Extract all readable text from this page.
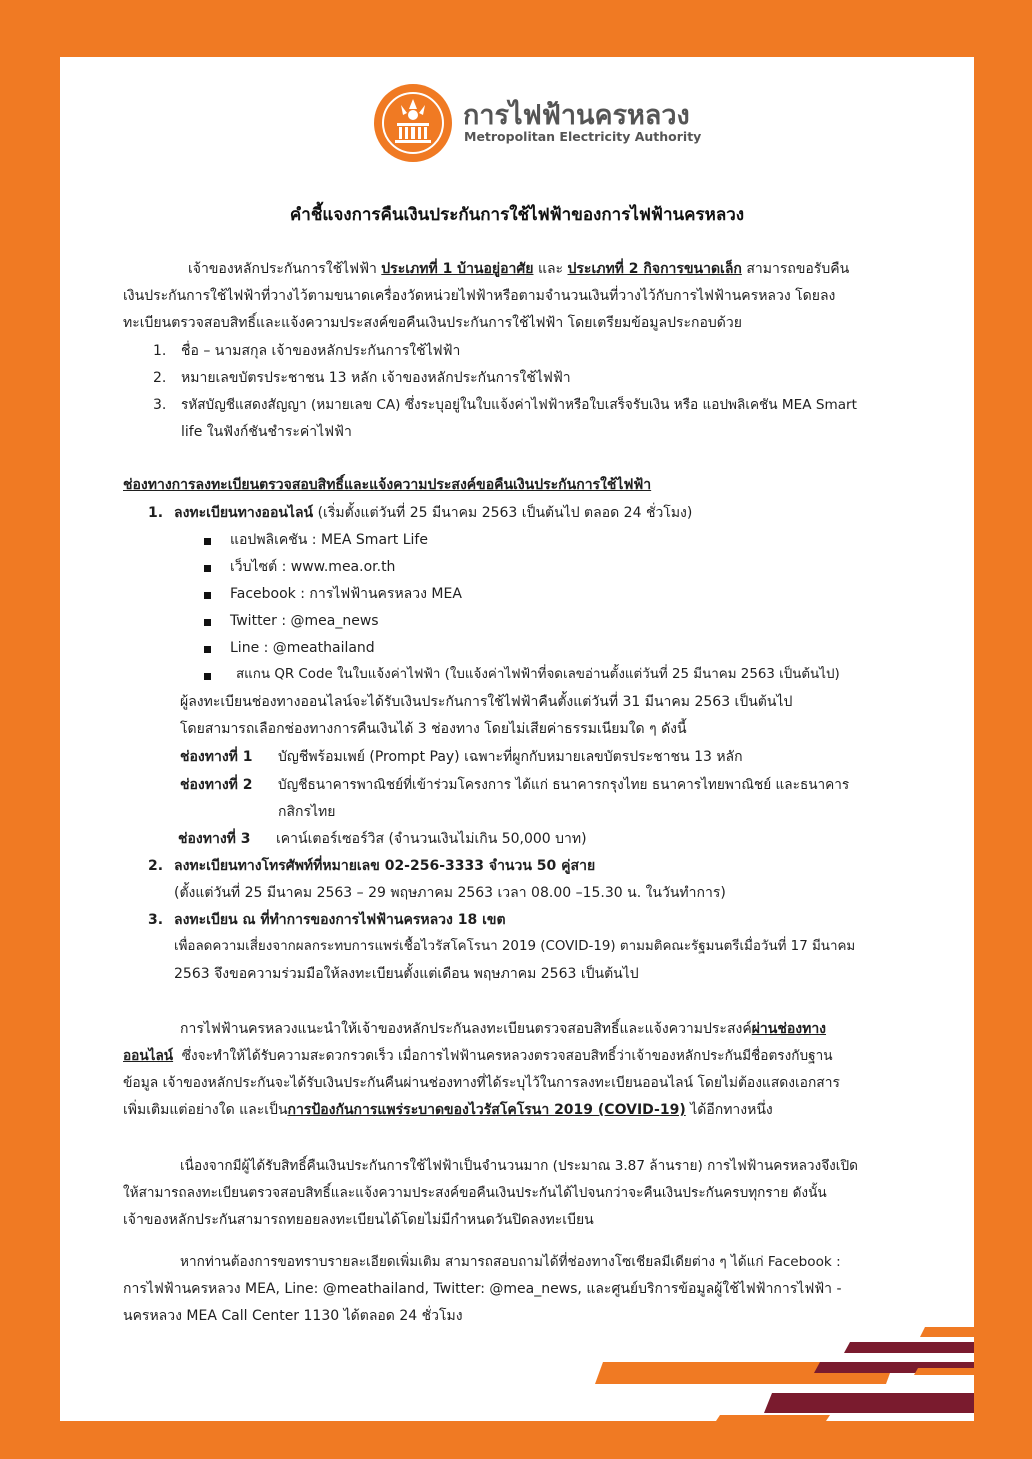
การไฟฟ้านครหลวง
Metropolitan Electricity Authority
คำชี้แจงการคืนเงินประกันการใช้ไฟฟ้าของการไฟฟ้านครหลวง
เจ้าของหลักประกันการใช้ไฟฟ้า ประเภทที่ 1 บ้านอยู่อาศัย และ ประเภทที่ 2 กิจการขนาดเล็ก สามารถขอรับคืน
เงินประกันการใช้ไฟฟ้าที่วางไว้ตามขนาดเครื่องวัดหน่วยไฟฟ้าหรือตามจำนวนเงินที่วางไว้กับการไฟฟ้านครหลวง โดยลง
ทะเบียนตรวจสอบสิทธิ์และแจ้งความประสงค์ขอคืนเงินประกันการใช้ไฟฟ้า โดยเตรียมข้อมูลประกอบด้วย
1. ชื่อ – นามสกุล เจ้าของหลักประกันการใช้ไฟฟ้า
2. หมายเลขบัตรประชาชน 13 หลัก เจ้าของหลักประกันการใช้ไฟฟ้า
3. รหัสบัญชีแสดงสัญญา (หมายเลข CA) ซึ่งระบุอยู่ในใบแจ้งค่าไฟฟ้าหรือใบเสร็จรับเงิน หรือ แอปพลิเคชัน MEA Smart
life ในฟังก์ชันชำระค่าไฟฟ้า
ช่องทางการลงทะเบียนตรวจสอบสิทธิ์และแจ้งความประสงค์ขอคืนเงินประกันการใช้ไฟฟ้า
1. ลงทะเบียนทางออนไลน์ (เริ่มตั้งแต่วันที่ 25 มีนาคม 2563 เป็นต้นไป ตลอด 24 ชั่วโมง)
แอปพลิเคชัน : MEA Smart Life
เว็บไซต์ : www.mea.or.th
Facebook : การไฟฟ้านครหลวง MEA
Twitter : @mea_news
Line : @meathailand
สแกน QR Code ในใบแจ้งค่าไฟฟ้า (ใบแจ้งค่าไฟฟ้าที่จดเลขอ่านตั้งแต่วันที่ 25 มีนาคม 2563 เป็นต้นไป)
ผู้ลงทะเบียนช่องทางออนไลน์จะได้รับเงินประกันการใช้ไฟฟ้าคืนตั้งแต่วันที่ 31 มีนาคม 2563 เป็นต้นไป
โดยสามารถเลือกช่องทางการคืนเงินได้ 3 ช่องทาง โดยไม่เสียค่าธรรมเนียมใด ๆ ดังนี้
ช่องทางที่ 1 บัญชีพร้อมเพย์ (Prompt Pay) เฉพาะที่ผูกกับหมายเลขบัตรประชาชน 13 หลัก
ช่องทางที่ 2 บัญชีธนาคารพาณิชย์ที่เข้าร่วมโครงการ ได้แก่ ธนาคารกรุงไทย ธนาคารไทยพาณิชย์ และธนาคาร
กสิกรไทย
ช่องทางที่ 3 เคาน์เตอร์เซอร์วิส (จำนวนเงินไม่เกิน 50,000 บาท)
2. ลงทะเบียนทางโทรศัพท์ที่หมายเลข 02-256-3333 จำนวน 50 คู่สาย
(ตั้งแต่วันที่ 25 มีนาคม 2563 – 29 พฤษภาคม 2563 เวลา 08.00 –15.30 น. ในวันทำการ)
3. ลงทะเบียน ณ ที่ทำการของการไฟฟ้านครหลวง 18 เขต
เพื่อลดความเสี่ยงจากผลกระทบการแพร่เชื้อไวรัสโคโรนา 2019 (COVID-19) ตามมติคณะรัฐมนตรีเมื่อวันที่ 17 มีนาคม
2563 จึงขอความร่วมมือให้ลงทะเบียนตั้งแต่เดือน พฤษภาคม 2563 เป็นต้นไป
การไฟฟ้านครหลวงแนะนำให้เจ้าของหลักประกันลงทะเบียนตรวจสอบสิทธิ์และแจ้งความประสงค์ผ่านช่องทาง
ออนไลน์ ซึ่งจะทำให้ได้รับความสะดวกรวดเร็ว เมื่อการไฟฟ้านครหลวงตรวจสอบสิทธิ์ว่าเจ้าของหลักประกันมีชื่อตรงกับฐาน
ข้อมูล เจ้าของหลักประกันจะได้รับเงินประกันคืนผ่านช่องทางที่ได้ระบุไว้ในการลงทะเบียนออนไลน์ โดยไม่ต้องแสดงเอกสาร
เพิ่มเติมแต่อย่างใด และเป็นการป้องกันการแพร่ระบาดของไวรัสโคโรนา 2019 (COVID-19) ได้อีกทางหนึ่ง
เนื่องจากมีผู้ได้รับสิทธิ์คืนเงินประกันการใช้ไฟฟ้าเป็นจำนวนมาก (ประมาณ 3.87 ล้านราย) การไฟฟ้านครหลวงจึงเปิด
ให้สามารถลงทะเบียนตรวจสอบสิทธิ์และแจ้งความประสงค์ขอคืนเงินประกันได้ไปจนกว่าจะคืนเงินประกันครบทุกราย ดังนั้น
เจ้าของหลักประกันสามารถทยอยลงทะเบียนได้โดยไม่มีกำหนดวันปิดลงทะเบียน
หากท่านต้องการขอทราบรายละเอียดเพิ่มเติม สามารถสอบถามได้ที่ช่องทางโซเชียลมีเดียต่าง ๆ ได้แก่ Facebook :
การไฟฟ้านครหลวง MEA, Line: @meathailand, Twitter: @mea_news, และศูนย์บริการข้อมูลผู้ใช้ไฟฟ้าการไฟฟ้า -
นครหลวง MEA Call Center 1130 ได้ตลอด 24 ชั่วโมง
